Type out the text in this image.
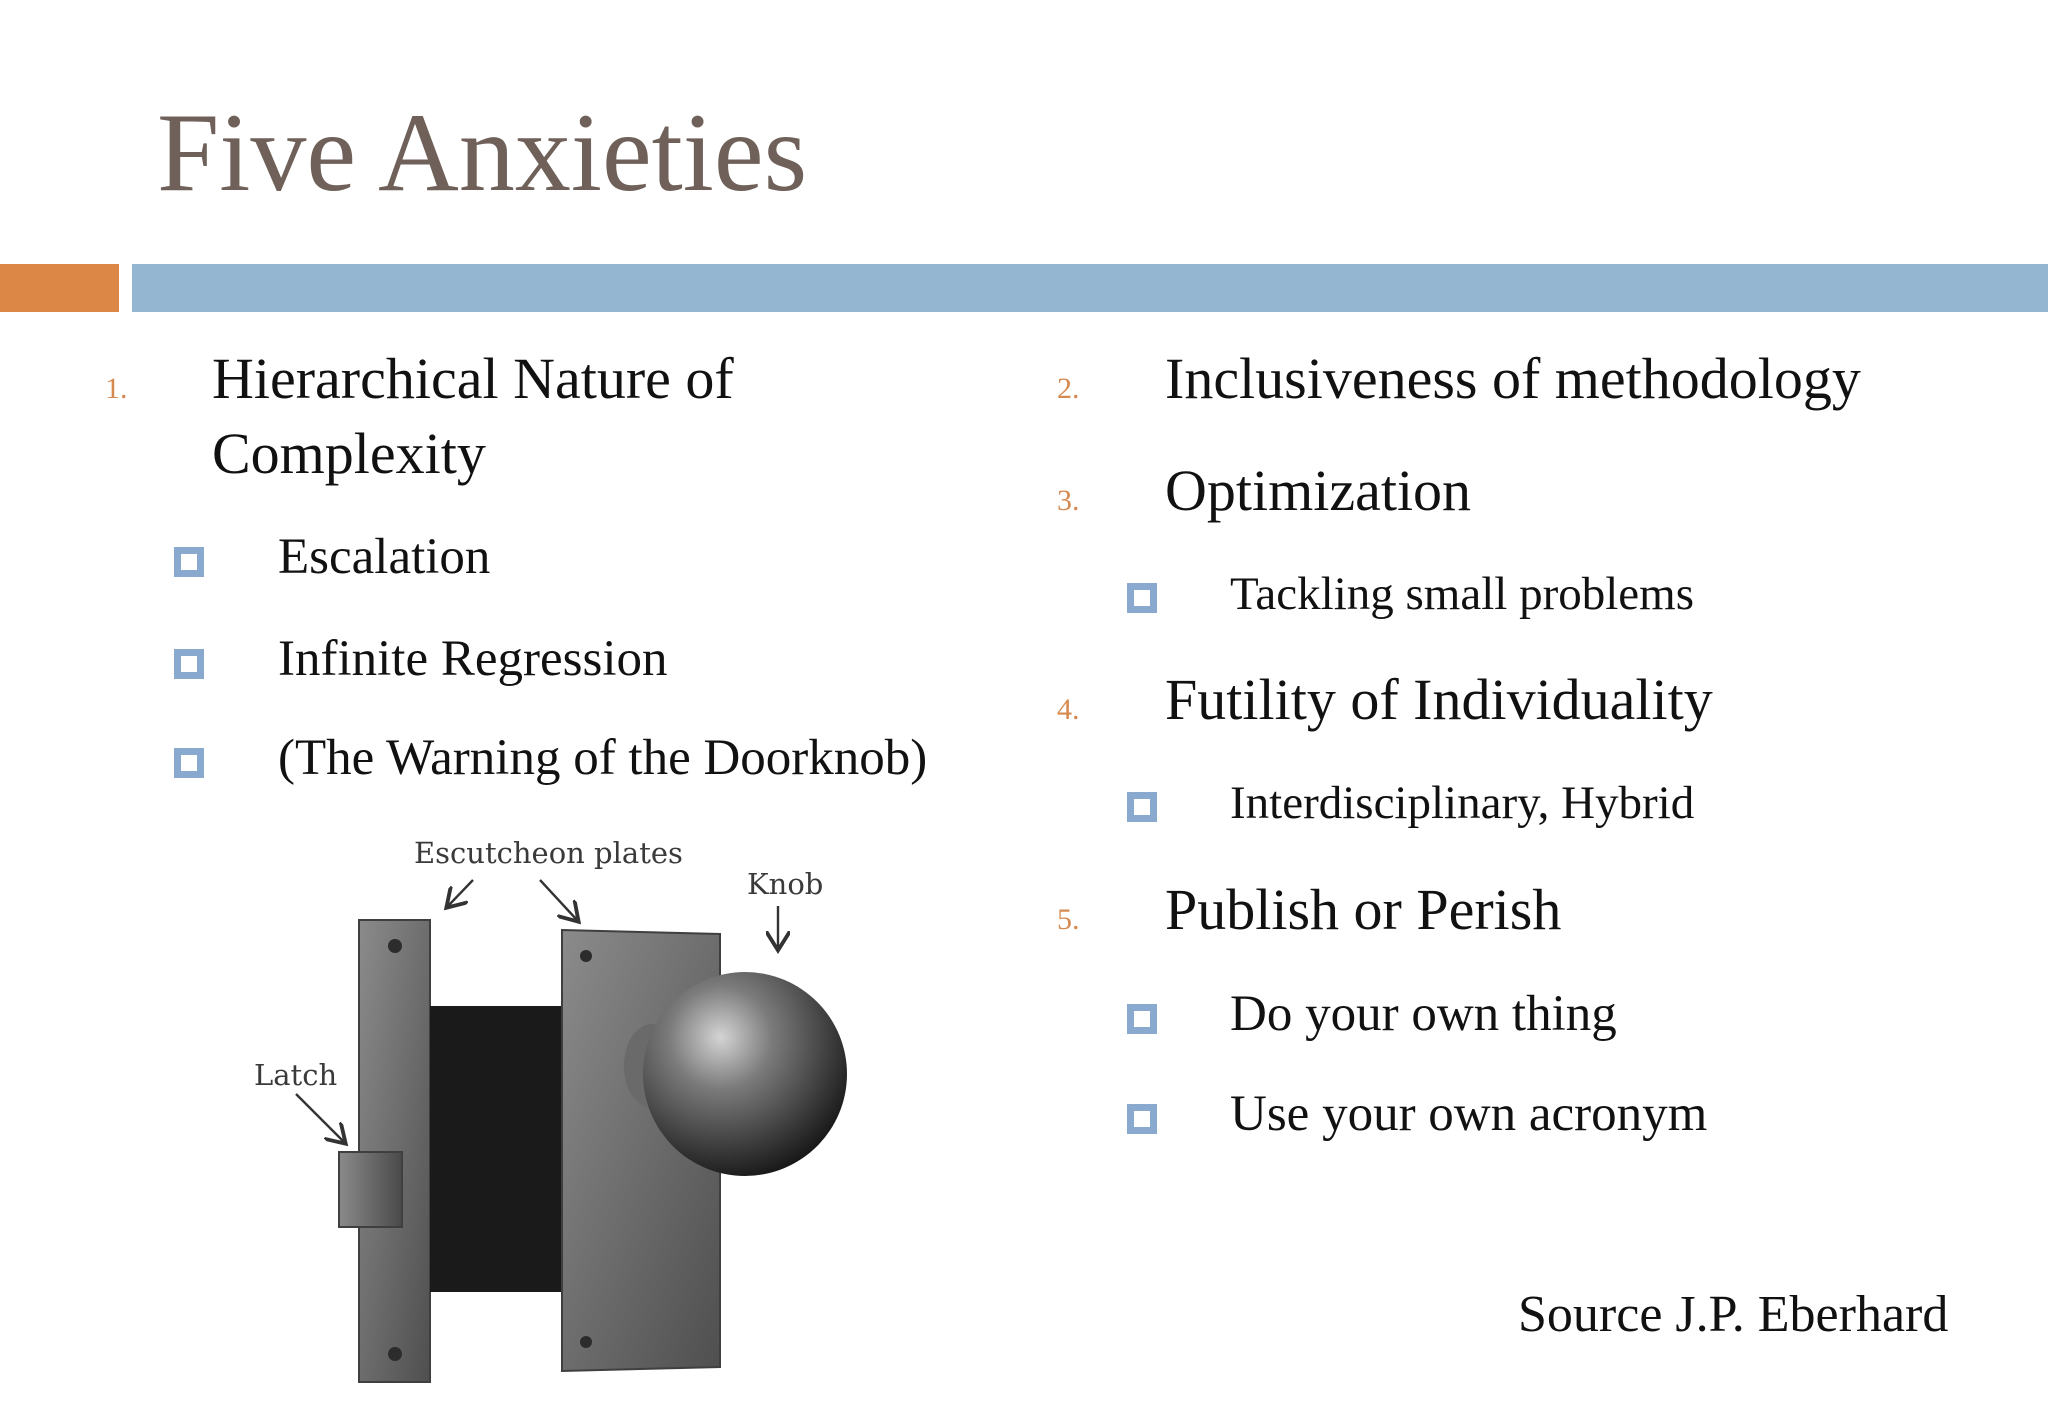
Five Anxieties
1. Hierarchical Nature of
Complexity
Escalation
Infinite Regression
(The Warning of the Doorknob)
2. Inclusiveness of methodology
3. Optimization
Tackling small problems
4. Futility of Individuality
Interdisciplinary, Hybrid
5. Publish or Perish
Do your own thing
Use your own acronym
Source J.P. Eberhard
Escutcheon plates
Knob
Latch
